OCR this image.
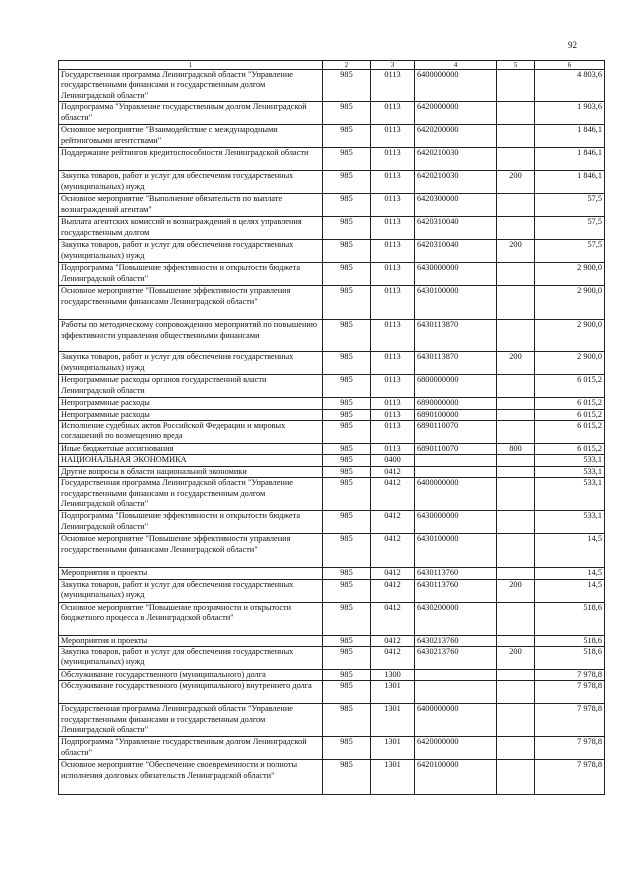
92
1	2	3	4	5	6
Государственная программа Ленинградской области "Управление государственными финансами и государственным долгом Ленинградской области"	985	0113	6400000000		4 803,6
Подпрограмма "Управление государственным долгом Ленинградской области"	985	0113	6420000000		1 903,6
Основное мероприятие "Взаимодействие с международными рейтинговыми агентствами"	985	0113	6420200000		1 846,1
Поддержание рейтингов кредитоспособности Ленинградской области	985	0113	6420210030		1 846,1
Закупка товаров, работ и услуг для обеспечения государственных (муниципальных) нужд	985	0113	6420210030	200	1 846,1
Основное мероприятие "Выполнение обязательств по выплате вознаграждений агентам"	985	0113	6420300000		57,5
Выплата агентских комиссий и вознаграждений в целях управления государственным долгом	985	0113	6420310040		57,5
Закупка товаров, работ и услуг для обеспечения государственных (муниципальных) нужд	985	0113	6420310040	200	57,5
Подпрограмма "Повышение эффективности и открытости бюджета Ленинградской области"	985	0113	6430000000		2 900,0
Основное мероприятие "Повышение эффективности управления государственными финансами Ленинградской области"	985	0113	6430100000		2 900,0
Работы по методическому сопровождению мероприятий по повышению эффективности управления общественными финансами	985	0113	6430113870		2 900,0
Закупка товаров, работ и услуг для обеспечения государственных (муниципальных) нужд	985	0113	6430113870	200	2 900,0
Непрограммные расходы органов государственной власти Ленинградской области	985	0113	6800000000		6 015,2
Непрограммные расходы	985	0113	6890000000		6 015,2
Непрограммные расходы	985	0113	6890100000		6 015,2
Исполнение судебных актов Российской Федерации и мировых соглашений по возмещению вреда	985	0113	6890110070		6 015,2
Иные бюджетные ассигнования	985	0113	6890110070	800	6 015,2
НАЦИОНАЛЬНАЯ ЭКОНОМИКА	985	0400			533,1
Другие вопросы в области национальной экономики	985	0412			533,1
Государственная программа Ленинградской области "Управление государственными финансами и государственным долгом Ленинградской области"	985	0412	6400000000		533,1
Подпрограмма "Повышение эффективности и открытости бюджета Ленинградской области"	985	0412	6430000000		533,1
Основное мероприятие "Повышение эффективности управления государственными финансами Ленинградской области"	985	0412	6430100000		14,5
Мероприятия и проекты	985	0412	6430113760		14,5
Закупка товаров, работ и услуг для обеспечения государственных (муниципальных) нужд	985	0412	6430113760	200	14,5
Основное мероприятие "Повышение прозрачности и открытости бюджетного процесса в Ленинградской области"	985	0412	6430200000		518,6
Мероприятия и проекты	985	0412	6430213760		518,6
Закупка товаров, работ и услуг для обеспечения государственных (муниципальных) нужд	985	0412	6430213760	200	518,6
Обслуживание государственного (муниципального) долга	985	1300			7 978,8
Обслуживание государственного (муниципального) внутреннего долга	985	1301			7 978,8
Государственная программа Ленинградской области "Управление государственными финансами и государственным долгом Ленинградской области"	985	1301	6400000000		7 978,8
Подпрограмма "Управление государственным долгом Ленинградской области"	985	1301	6420000000		7 978,8
Основное мероприятие "Обеспечение своевременности и полноты исполнения долговых обязательств Ленинградской области"	985	1301	6420100000		7 978,8
